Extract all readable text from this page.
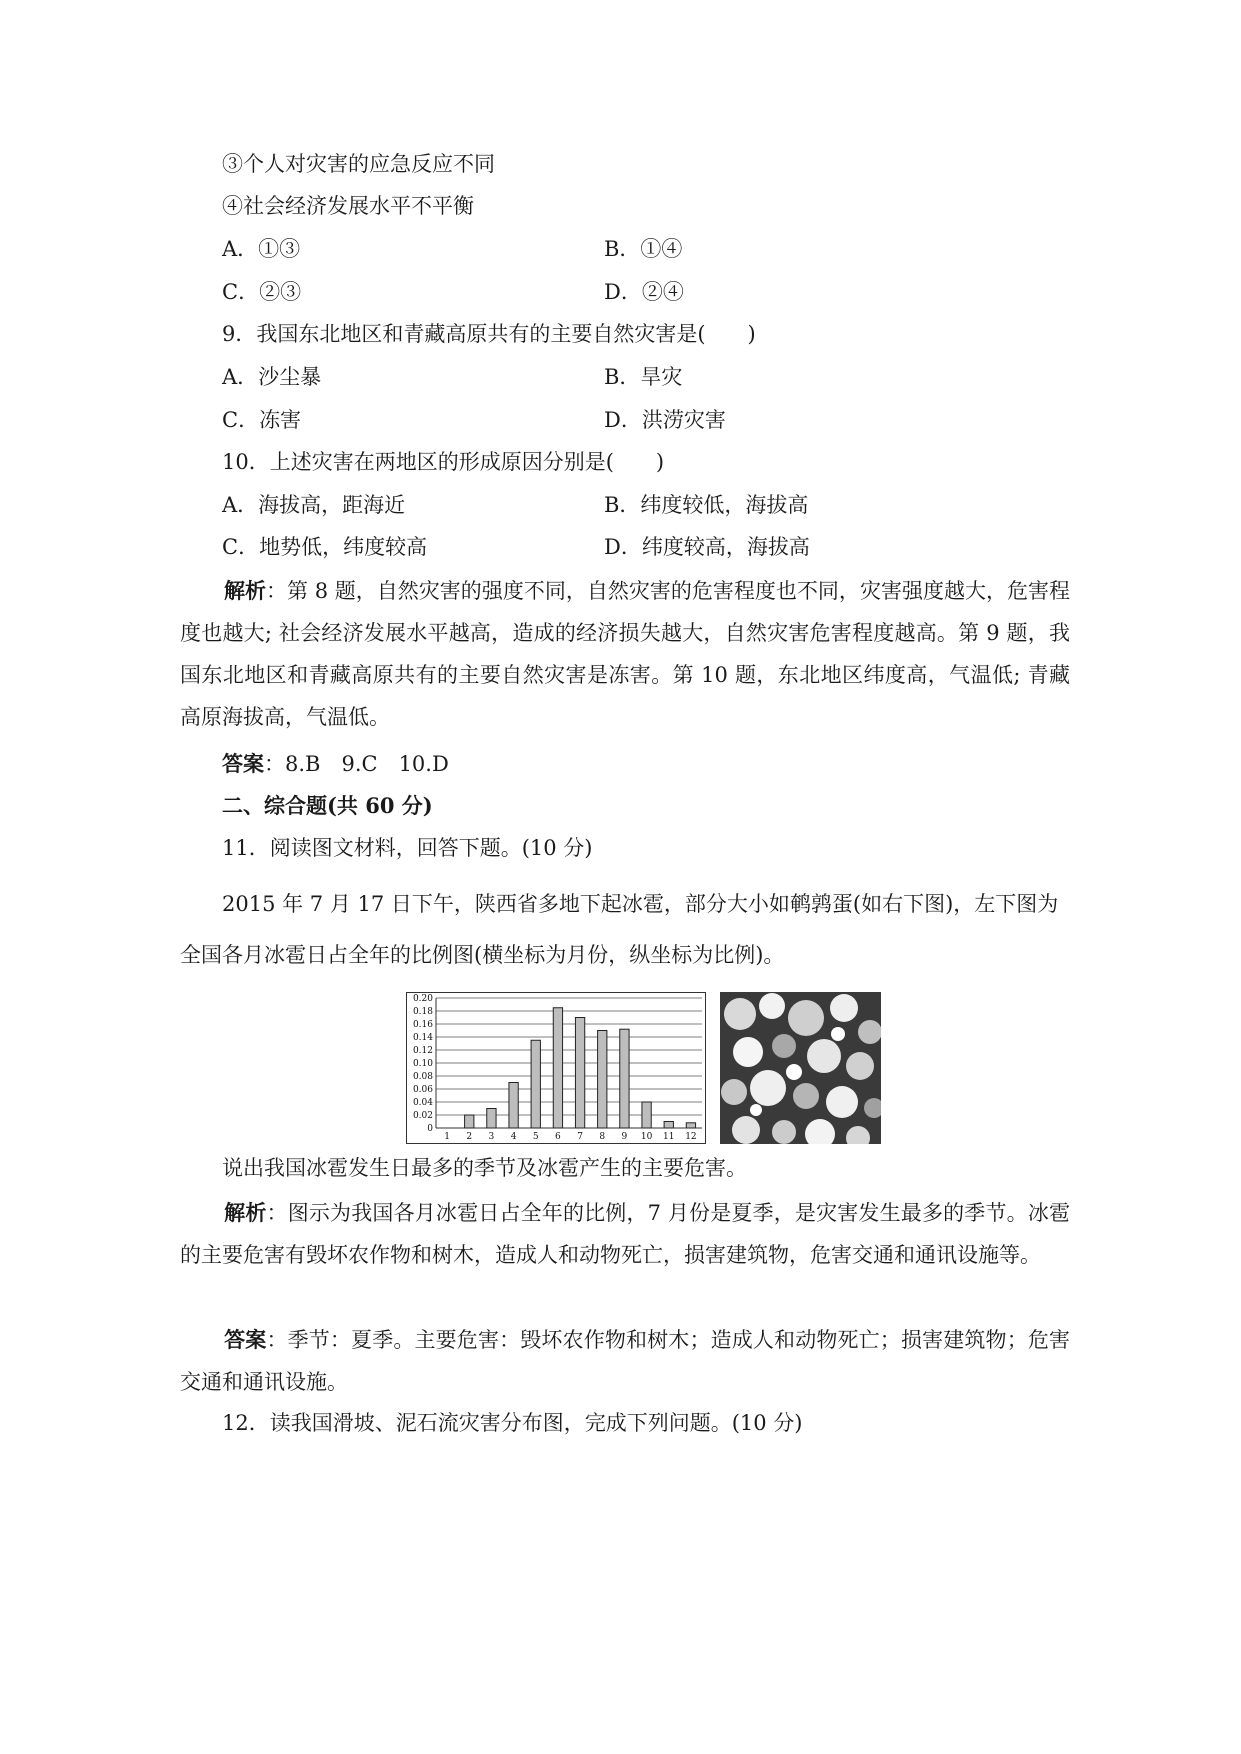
③个人对灾害的应急反应不同
④社会经济发展水平不平衡
A．①③	B．①④
C．②③	D．②④
9．我国东北地区和青藏高原共有的主要自然灾害是(　　)
A．沙尘暴	B．旱灾
C．冻害	D．洪涝灾害
10．上述灾害在两地区的形成原因分别是(　　)
A．海拔高，距海近	B．纬度较低，海拔高
C．地势低，纬度较高	D．纬度较高，海拔高
解析：第 8 题，自然灾害的强度不同，自然灾害的危害程度也不同，灾害强度越大，危害程度也越大; 社会经济发展水平越高，造成的经济损失越大，自然灾害危害程度越高。第 9 题，我国东北地区和青藏高原共有的主要自然灾害是冻害。第 10 题，东北地区纬度高，气温低; 青藏高原海拔高，气温低。
答案：8.B　9.C　10.D
二、综合题(共 60 分)
11．阅读图文材料，回答下题。(10 分)
2015 年 7 月 17 日下午，陕西省多地下起冰雹，部分大小如鹌鹑蛋(如右下图)，左下图为
全国各月冰雹日占全年的比例图(横坐标为月份，纵坐标为比例)。
0
0.02
0.04
0.06
0.08
0.10
0.12
0.14
0.16
0.18
0.20
1 2 3 4 5 6 7 8 9 10 11 12
说出我国冰雹发生日最多的季节及冰雹产生的主要危害。
解析：图示为我国各月冰雹日占全年的比例，7 月份是夏季，是灾害发生最多的季节。冰雹的主要危害有毁坏农作物和树木，造成人和动物死亡，损害建筑物，危害交通和通讯设施等。
答案：季节：夏季。主要危害：毁坏农作物和树木；造成人和动物死亡；损害建筑物；危害交通和通讯设施。
12．读我国滑坡、泥石流灾害分布图，完成下列问题。(10 分)
